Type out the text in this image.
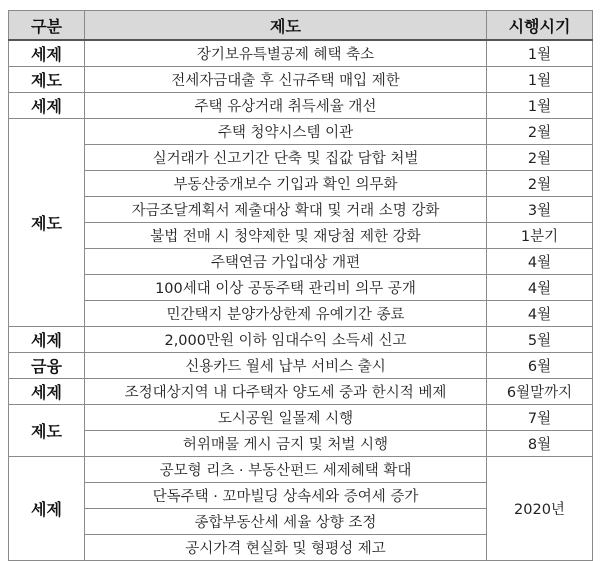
구분	제도	시행시기
세제	장기보유특별공제 혜택 축소	1월
제도	전세자금대출 후 신규주택 매입 제한	1월
세제	주택 유상거래 취득세율 개선	1월
제도	주택 청약시스템 이관	2월
	실거래가 신고기간 단축 및 집값 담합 처벌	2월
	부동산중개보수 기입과 확인 의무화	2월
	자금조달계획서 제출대상 확대 및 거래 소명 강화	3월
	불법 전매 시 청약제한 및 재당첨 제한 강화	1분기
	주택연금 가입대상 개편	4월
	100세대 이상 공동주택 관리비 의무 공개	4월
	민간택지 분양가상한제 유예기간 종료	4월
세제	2,000만원 이하 임대수익 소득세 신고	5월
금융	신용카드 월세 납부 서비스 출시	6월
세제	조정대상지역 내 다주택자 양도세 중과 한시적 베제	6월말까지
제도	도시공원 일몰제 시행	7월
	허위매물 게시 금지 및 처벌 시행	8월
세제	공모형 리츠 · 부동산펀드 세제혜택 확대	2020년
	단독주택 · 꼬마빌딩 상속세와 증여세 증가	
	종합부동산세 세율 상향 조정	
	공시가격 현실화 및 형평성 제고	
